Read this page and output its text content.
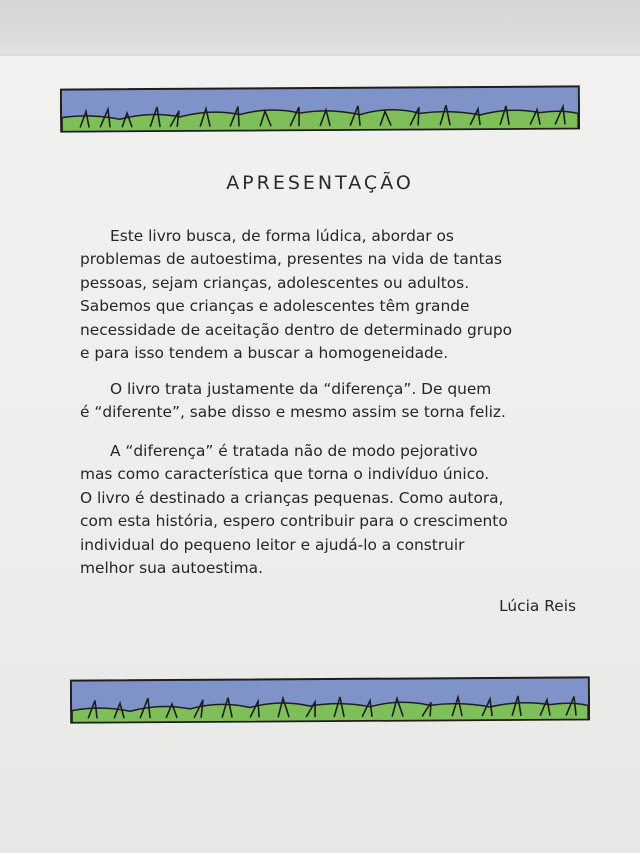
APRESENTAÇÃO
Este livro busca, de forma lúdica, abordar os
problemas de autoestima, presentes na vida de tantas
pessoas, sejam crianças, adolescentes ou adultos.
Sabemos que crianças e adolescentes têm grande
necessidade de aceitação dentro de determinado grupo
e para isso tendem a buscar a homogeneidade.
O livro trata justamente da “diferença”. De quem
é “diferente”, sabe disso e mesmo assim se torna feliz.
A “diferença” é tratada não de modo pejorativo
mas como característica que torna o indivíduo único.
O livro é destinado a crianças pequenas. Como autora,
com esta história, espero contribuir para o crescimento
individual do pequeno leitor e ajudá-lo a construir
melhor sua autoestima.
Lúcia Reis
